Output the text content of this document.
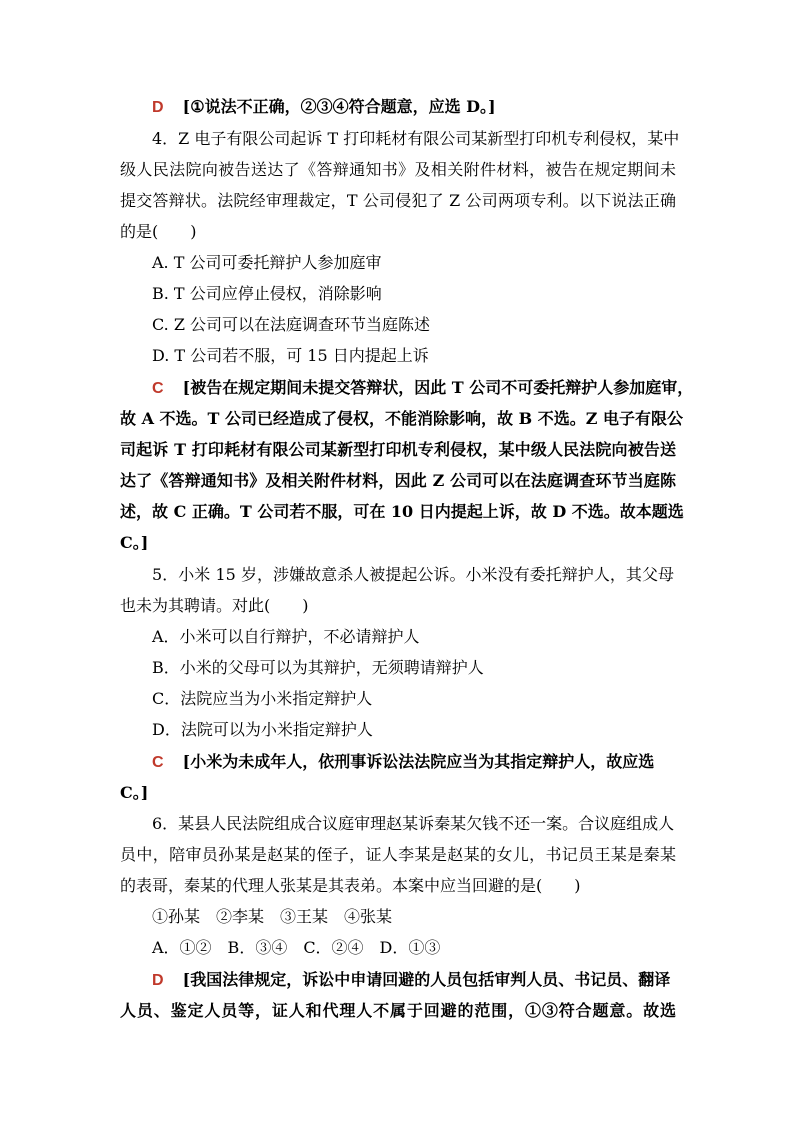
D [①说法不正确，②③④符合题意，应选 D。]
4．Z 电子有限公司起诉 T 打印耗材有限公司某新型打印机专利侵权，某中
级人民法院向被告送达了《答辩通知书》及相关附件材料，被告在规定期间未
提交答辩状。法院经审理裁定，T 公司侵犯了 Z 公司两项专利。以下说法正确
的是(　　)
A. T 公司可委托辩护人参加庭审
B. T 公司应停止侵权，消除影响
C. Z 公司可以在法庭调查环节当庭陈述
D. T 公司若不服，可 15 日内提起上诉
C [被告在规定期间未提交答辩状，因此 T 公司不可委托辩护人参加庭审，
故 A 不选。T 公司已经造成了侵权，不能消除影响，故 B 不选。Z 电子有限公
司起诉 T 打印耗材有限公司某新型打印机专利侵权，某中级人民法院向被告送
达了《答辩通知书》及相关附件材料，因此 Z 公司可以在法庭调查环节当庭陈
述，故 C 正确。T 公司若不服，可在 10 日内提起上诉，故 D 不选。故本题选
C。]
5．小米 15 岁，涉嫌故意杀人被提起公诉。小米没有委托辩护人，其父母
也未为其聘请。对此(　　)
A．小米可以自行辩护，不必请辩护人
B．小米的父母可以为其辩护，无须聘请辩护人
C．法院应当为小米指定辩护人
D．法院可以为小米指定辩护人
C [小米为未成年人，依刑事诉讼法法院应当为其指定辩护人，故应选
C。]
6．某县人民法院组成合议庭审理赵某诉秦某欠钱不还一案。合议庭组成人
员中，陪审员孙某是赵某的侄子，证人李某是赵某的女儿，书记员王某是秦某
的表哥，秦某的代理人张某是其表弟。本案中应当回避的是(　　)
①孙某　②李某　③王某　④张某
A．①②　B．③④　C．②④　D．①③
D [我国法律规定，诉讼中申请回避的人员包括审判人员、书记员、翻译
人员、鉴定人员等，证人和代理人不属于回避的范围，①③符合题意。故选
